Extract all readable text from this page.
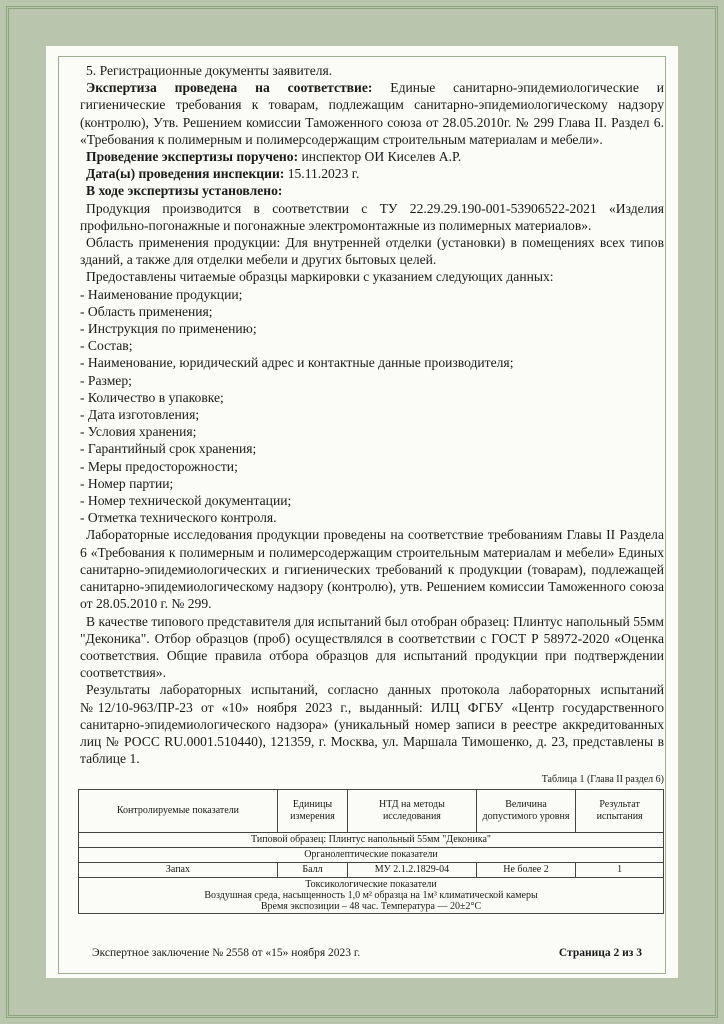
5. Регистрационные документы заявителя.

Экспертиза проведена на соответствие: Единые санитарно-эпидемиологические и гигиенические требования к товарам, подлежащим санитарно-эпидемиологическому надзору (контролю), Утв. Решением комиссии Таможенного союза от 28.05.2010г. № 299 Глава II. Раздел 6. «Требования к полимерным и полимерсодержащим строительным материалам и мебели».

Проведение экспертизы поручено: инспектор ОИ Киселев А.Р.

Дата(ы) проведения инспекции: 15.11.2023 г.

В ходе экспертизы установлено:

Продукция производится в соответствии с ТУ 22.29.29.190-001-53906522-2021 «Изделия профильно-погонажные и погонажные электромонтажные из полимерных материалов».

Область применения продукции: Для внутренней отделки (установки) в помещениях всех типов зданий, а также для отделки мебели и других бытовых целей.

Предоставлены читаемые образцы маркировки с указанием следующих данных:

- Наименование продукции;
- Область применения;
- Инструкция по применению;
- Состав;
- Наименование, юридический адрес и контактные данные производителя;
- Размер;
- Количество в упаковке;
- Дата изготовления;
- Условия хранения;
- Гарантийный срок хранения;
- Меры предосторожности;
- Номер партии;
- Номер технической документации;
- Отметка технического контроля.

Лабораторные исследования продукции проведены на соответствие требованиям Главы II Раздела 6 «Требования к полимерным и полимерсодержащим строительным материалам и мебели» Единых санитарно-эпидемиологических и гигиенических требований к продукции (товарам), подлежащей санитарно-эпидемиологическому надзору (контролю), утв. Решением комиссии Таможенного союза от 28.05.2010 г. № 299.

В качестве типового представителя для испытаний был отобран образец: Плинтус напольный 55мм "Деконика". Отбор образцов (проб) осуществлялся в соответствии с ГОСТ Р 58972-2020 «Оценка соответствия. Общие правила отбора образцов для испытаний продукции при подтверждении соответствия».

Результаты лабораторных испытаний, согласно данных протокола лабораторных испытаний №12/10-963/ПР-23 от «10» ноября 2023 г., выданный: ИЛЦ ФГБУ «Центр государственного санитарно-эпидемиологического надзора» (уникальный номер записи в реестре аккредитованных лиц № РОСС RU.0001.510440), 121359, г. Москва, ул. Маршала Тимошенко, д. 23, представлены в таблице 1.

Таблица 1 (Глава II раздел 6)
Контролируемые показатели	Единицы измерения	НТД на методы исследования	Величина допустимого уровня	Результат испытания
Типовой образец: Плинтус напольный 55мм "Деконика"				
Органолептические показатели				
Запах	Балл	МУ 2.1.2.1829-04	Не более 2	1

Токсикологические показатели
Воздушная среда, насыщенность 1,0 м² образца на 1м³ климатической камеры
Время экспозиции – 48 час. Температура — 20±2°С				
Экспертное заключение № 2558 от «15» ноября 2023 г.	Страница 2 из 3
